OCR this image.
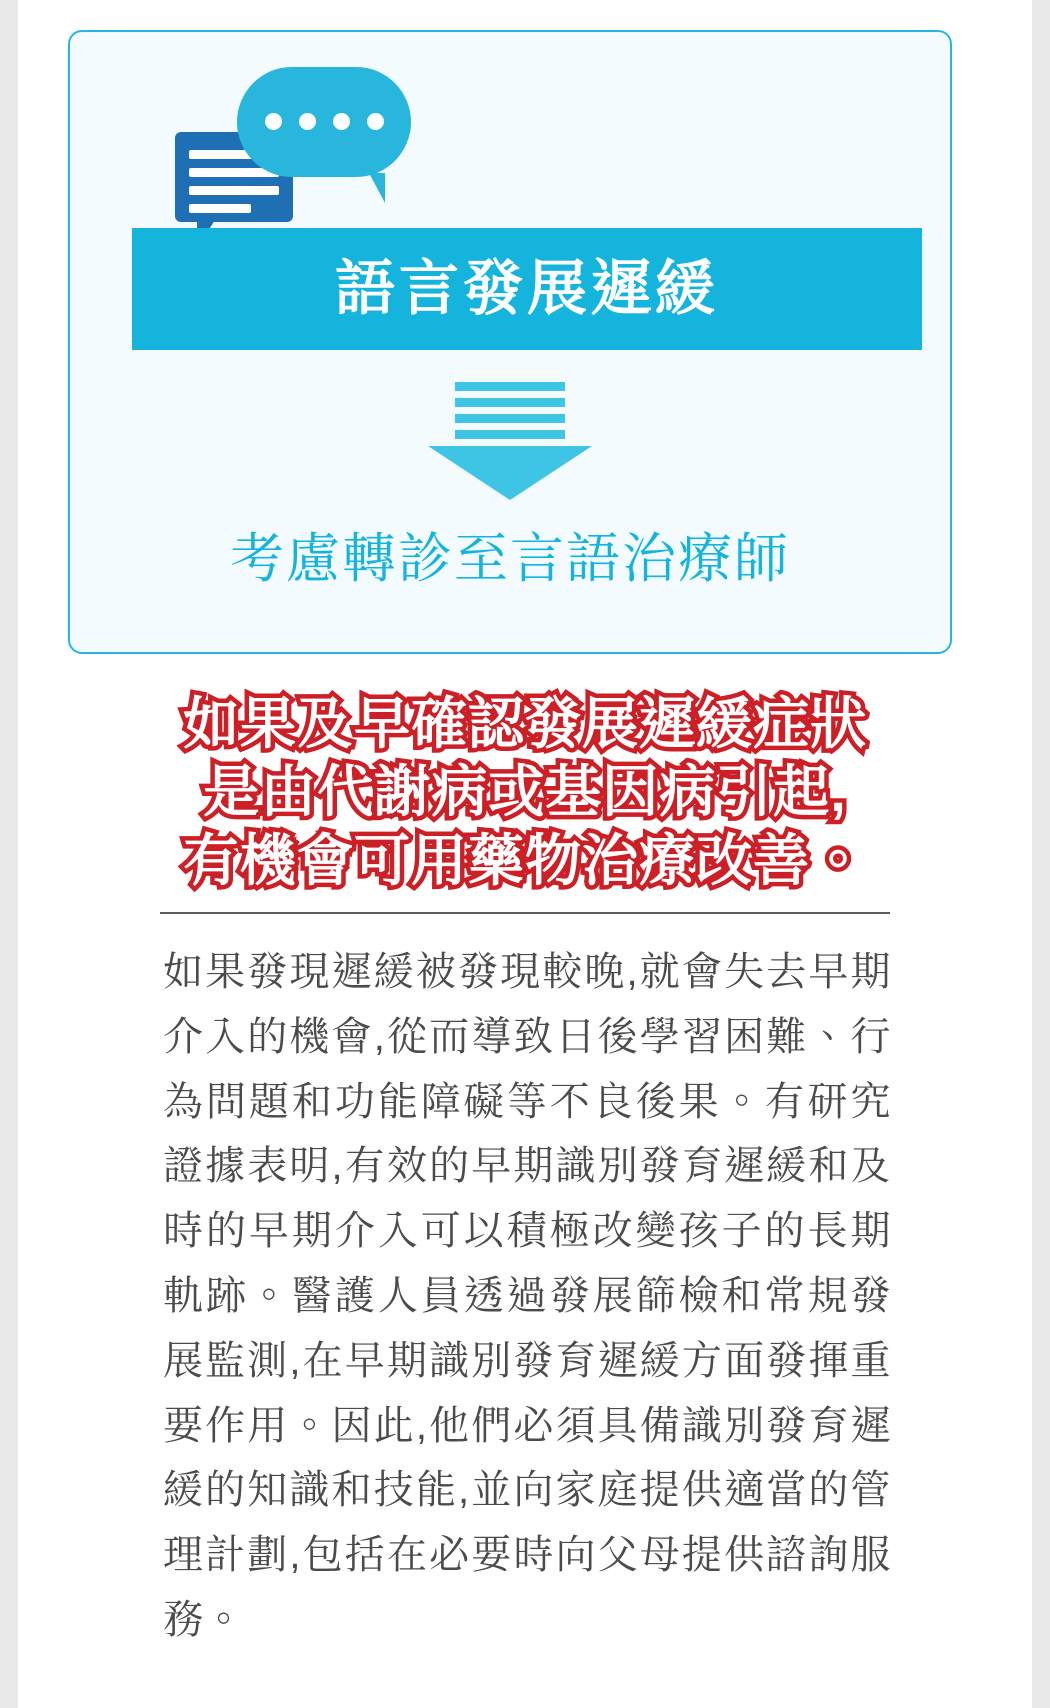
語言發展遲緩
考慮轉診至言語治療師
如果及早確認發展遲緩症狀
是由代謝病或基因病引起,
有機會可用藥物治療改善。
如果發現遲緩被發現較晚,就會失去早期介入的機會,從而導致日後學習困難、行為問題和功能障礙等不良後果。有研究證據表明,有效的早期識別發育遲緩和及時的早期介入可以積極改變孩子的長期軌跡。醫護人員透過發展篩檢和常規發展監測,在早期識別發育遲緩方面發揮重要作用。因此,他們必須具備識別發育遲緩的知識和技能,並向家庭提供適當的管理計劃,包括在必要時向父母提供諮詢服務。
